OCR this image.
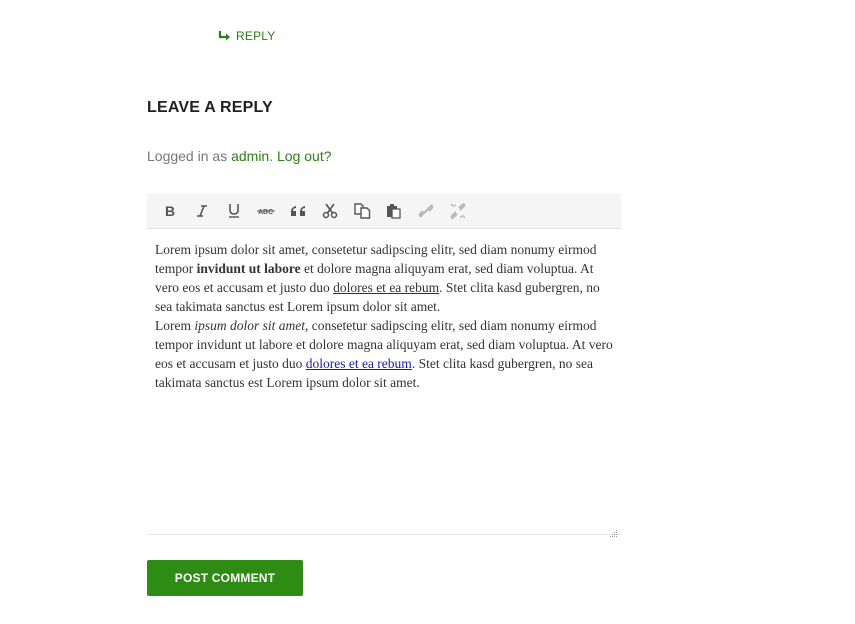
REPLY
LEAVE A REPLY
Logged in as admin. Log out?
B	ABC

Lorem ipsum dolor sit amet, consetetur sadipscing elitr, sed diam nonumy eirmod tempor invidunt ut labore et dolore magna aliquyam erat, sed diam voluptua. At vero eos et accusam et justo duo dolores et ea rebum. Stet clita kasd gubergren, no sea takimata sanctus est Lorem ipsum dolor sit amet.

Lorem ipsum dolor sit amet, consetetur sadipscing elitr, sed diam nonumy eirmod tempor invidunt ut labore et dolore magna aliquyam erat, sed diam voluptua. At vero eos et accusam et justo duo dolores et ea rebum. Stet clita kasd gubergren, no sea takimata sanctus est Lorem ipsum dolor sit amet.

POST COMMENT
